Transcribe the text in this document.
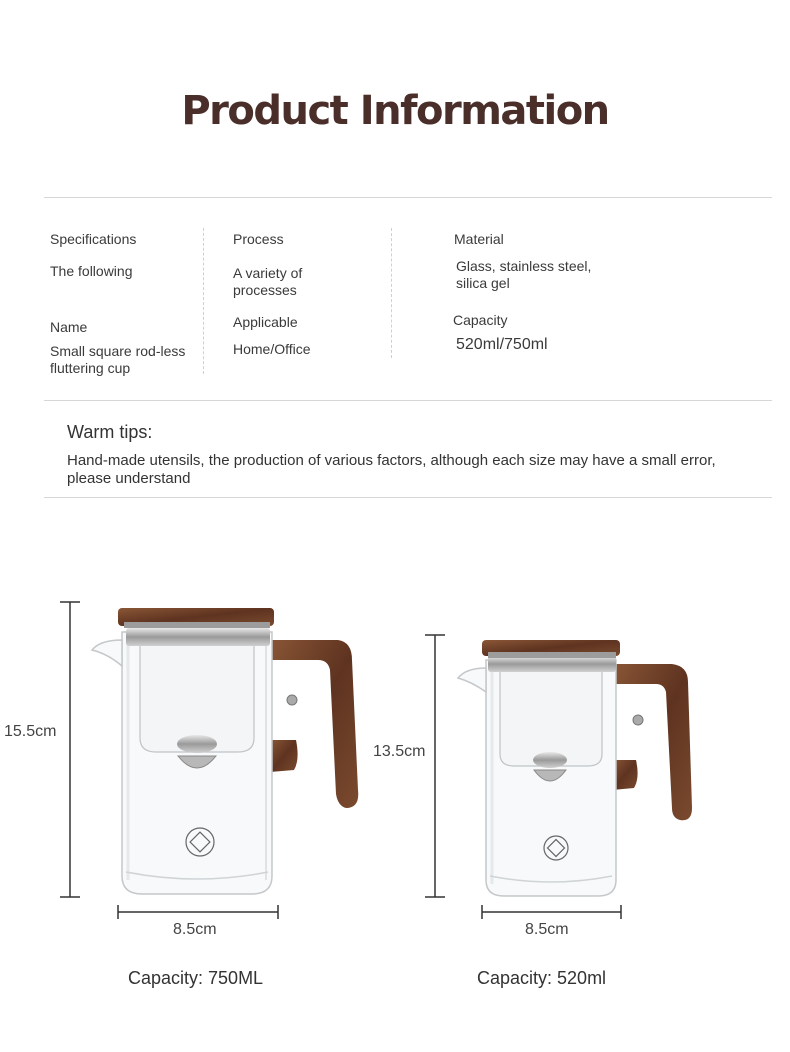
Product Information
Specifications
The following
Name
Small square rod-less
fluttering cup
Process
A variety of
processes
Applicable
Home/Office
Material
Glass, stainless steel,
silica gel
Capacity
520ml/750ml
Warm tips:
Hand-made utensils, the production of various factors, although each size may have a small error, please understand
15.5cm
8.5cm
Capacity: 750ML
13.5cm
8.5cm
Capacity: 520ml
